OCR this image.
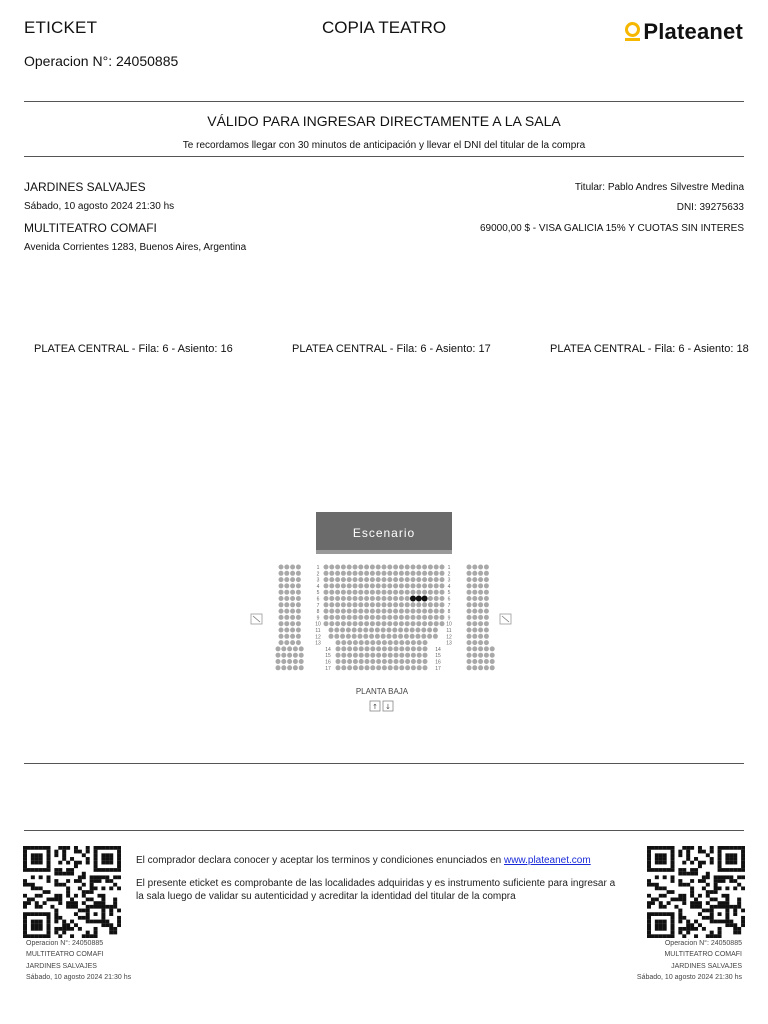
ETICKET	COPIA TEATRO
Operacion N°: 24050885
Plateanet
VÁLIDO PARA INGRESAR DIRECTAMENTE A LA SALA
Te recordamos llegar con 30 minutos de anticipación y llevar el DNI del titular de la compra
JARDINES SALVAJES
Sábado, 10 agosto 2024 21:30 hs
MULTITEATRO COMAFI
Avenida Corrientes 1283, Buenos Aires, Argentina
Titular: Pablo Andres Silvestre Medina
DNI: 39275633
69000,00 $ - VISA GALICIA 15% Y CUOTAS SIN INTERES
PLATEA CENTRAL - Fila: 6 - Asiento: 16	PLATEA CENTRAL - Fila: 6 - Asiento: 17	PLATEA CENTRAL - Fila: 6 - Asiento: 18
Escenario
1	1
2	2
3	3
4	4
5	5
6	6
7	7
8	8
9	9
10	10
11	11
12	12
13	13
14	14
15	15
16	16
17	17
PLANTA BAJA
↑ ↓
El comprador declara conocer y aceptar los terminos y condiciones enunciados en www.plateanet.com
El presente eticket es comprobante de las localidades adquiridas y es instrumento suficiente para ingresar a la sala luego de validar su autenticidad y acreditar la identidad del titular de la compra
Operacion N°: 24050885
MULTITEATRO COMAFI
JARDINES SALVAJES
Sábado, 10 agosto 2024 21:30 hs
Operacion N°: 24050885
MULTITEATRO COMAFI
JARDINES SALVAJES
Sábado, 10 agosto 2024 21:30 hs
